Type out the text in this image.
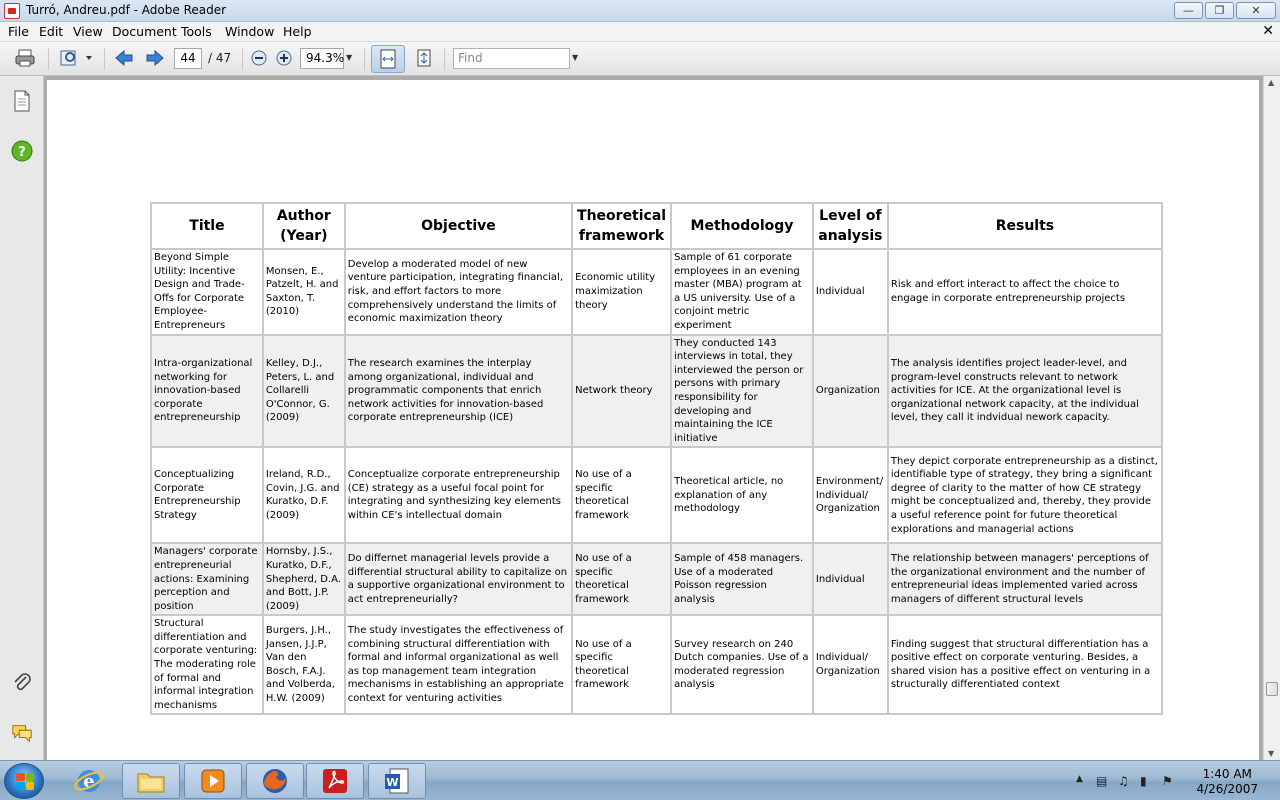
Turró, Andreu.pdf - Adobe Reader	—	❐	✕
File Edit View Document Tools Window Help	✕
44	/ 47	94.3% ▼	Find	▼
?
Title	Author (Year)	Objective	Theoretical framework	Methodology	Level of analysis	Results
Beyond Simple Utility: Incentive Design and Trade-Offs for Corporate Employee-Entrepreneurs	Monsen, E., Patzelt, H. and Saxton, T. (2010)	Develop a moderated model of new venture participation, integrating financial, risk, and effort factors to more comprehensively understand the limits of economic maximization theory	Economic utility maximization theory	Sample of 61 corporate employees in an evening master (MBA) program at a US university. Use of a conjoint metric experiment	Individual	Risk and effort interact to affect the choice to engage in corporate entrepreneurship projects
Intra-organizational networking for innovation-based corporate entrepreneurship	Kelley, D.J., Peters, L. and Collarelli O'Connor, G. (2009)	The research examines the interplay among organizational, individual and programmatic components that enrich network activities for innovation-based corporate entrepreneurship (ICE)	Network theory	They conducted 143 interviews in total, they interviewed the person or persons with primary responsibility for developing and maintaining the ICE initiative	Organization	The analysis identifies project leader-level, and program-level constructs relevant to network activities for ICE. At the organizational level is organizational network capacity, at the individual level, they call it indvidual nework capacity.
Conceptualizing Corporate Entrepreneurship Strategy	Ireland, R.D., Covin, J.G. and Kuratko, D.F. (2009)	Conceptualize corporate entrepreneurship (CE) strategy as a useful focal point for integrating and synthesizing key elements within CE's intellectual domain	No use of a specific theoretical framework	Theoretical article, no explanation of any methodology	Environment/ Individual/ Organization	They depict corporate entrepreneurship as a distinct, identifiable type of strategy, they bring a significant degree of clarity to the matter of how CE strategy might be conceptualized and, thereby, they provide a useful reference point for future theoretical explorations and managerial actions
Managers' corporate entrepreneurial actions: Examining perception and position	Hornsby, J.S., Kuratko, D.F., Shepherd, D.A. and Bott, J.P. (2009)	Do differnet managerial levels provide a differential structural ability to capitalize on a supportive organizational environment to act entrepreneurially?	No use of a specific theoretical framework	Sample of 458 managers. Use of a moderated Poisson regression analysis	Individual	The relationship between managers' perceptions of the organizational environment and the number of entrepreneurial ideas implemented varied across managers of different structural levels
Structural differentiation and corporate venturing: The moderating role of formal and informal integration mechanisms	Burgers, J.H., Jansen, J.J.P, Van den Bosch, F.A.J. and Volberda, H.W. (2009)	The study investigates the effectiveness of combining structural differentiation with formal and informal organizational as well as top management team integration mechanisms in establishing an appropriate context for venturing activities	No use of a specific theoretical framework	Survey research on 240 Dutch companies. Use of a moderated regression analysis	Individual/ Organization	Finding suggest that structural differentiation has a positive effect on corporate venturing. Besides, a shared vision has a positive effect on venturing in a structurally differentiated context
▲
▼
e	W	▲ ▤ ♫ ▮ ⚑	1:40 AM
4/26/2007
